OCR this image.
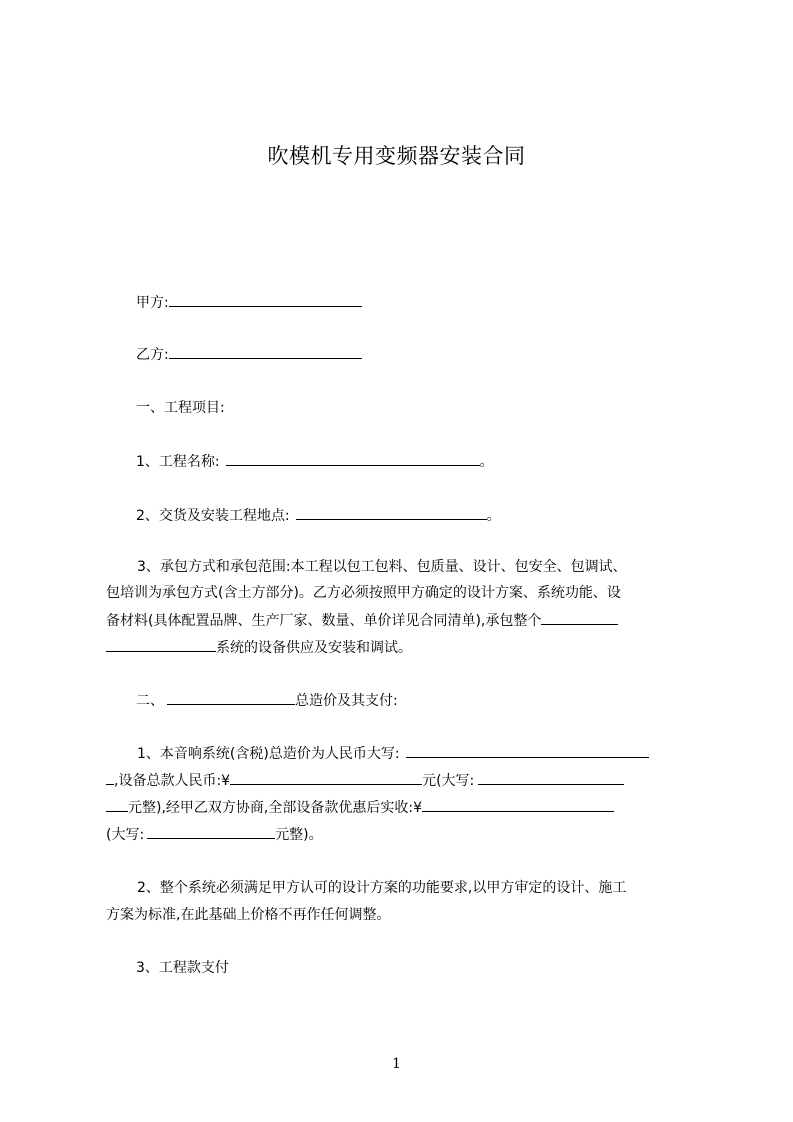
吹模机专用变频器安装合同
甲方:
乙方:
一、工程项目:
1、工程名称:	。
2、交货及安装工程地点:	。
3、承包方式和承包范围:本工程以包工包料、包质量、设计、包安全、包调试、
包培训为承包方式(含土方部分)。乙方必须按照甲方确定的设计方案、系统功能、设
备材料(具体配置品牌、生产厂家、数量、单价详见合同清单),承包整个
系统的设备供应及安装和调试。
二、	总造价及其支付:
1、本音响系统(含税)总造价为人民币大写:
,设备总款人民币:¥	元(大写:
元整),经甲乙双方协商,全部设备款优惠后实收:¥
(大写:	元整)。
2、整个系统必须满足甲方认可的设计方案的功能要求,以甲方审定的设计、施工
方案为标准,在此基础上价格不再作任何调整。
3、工程款支付
1
